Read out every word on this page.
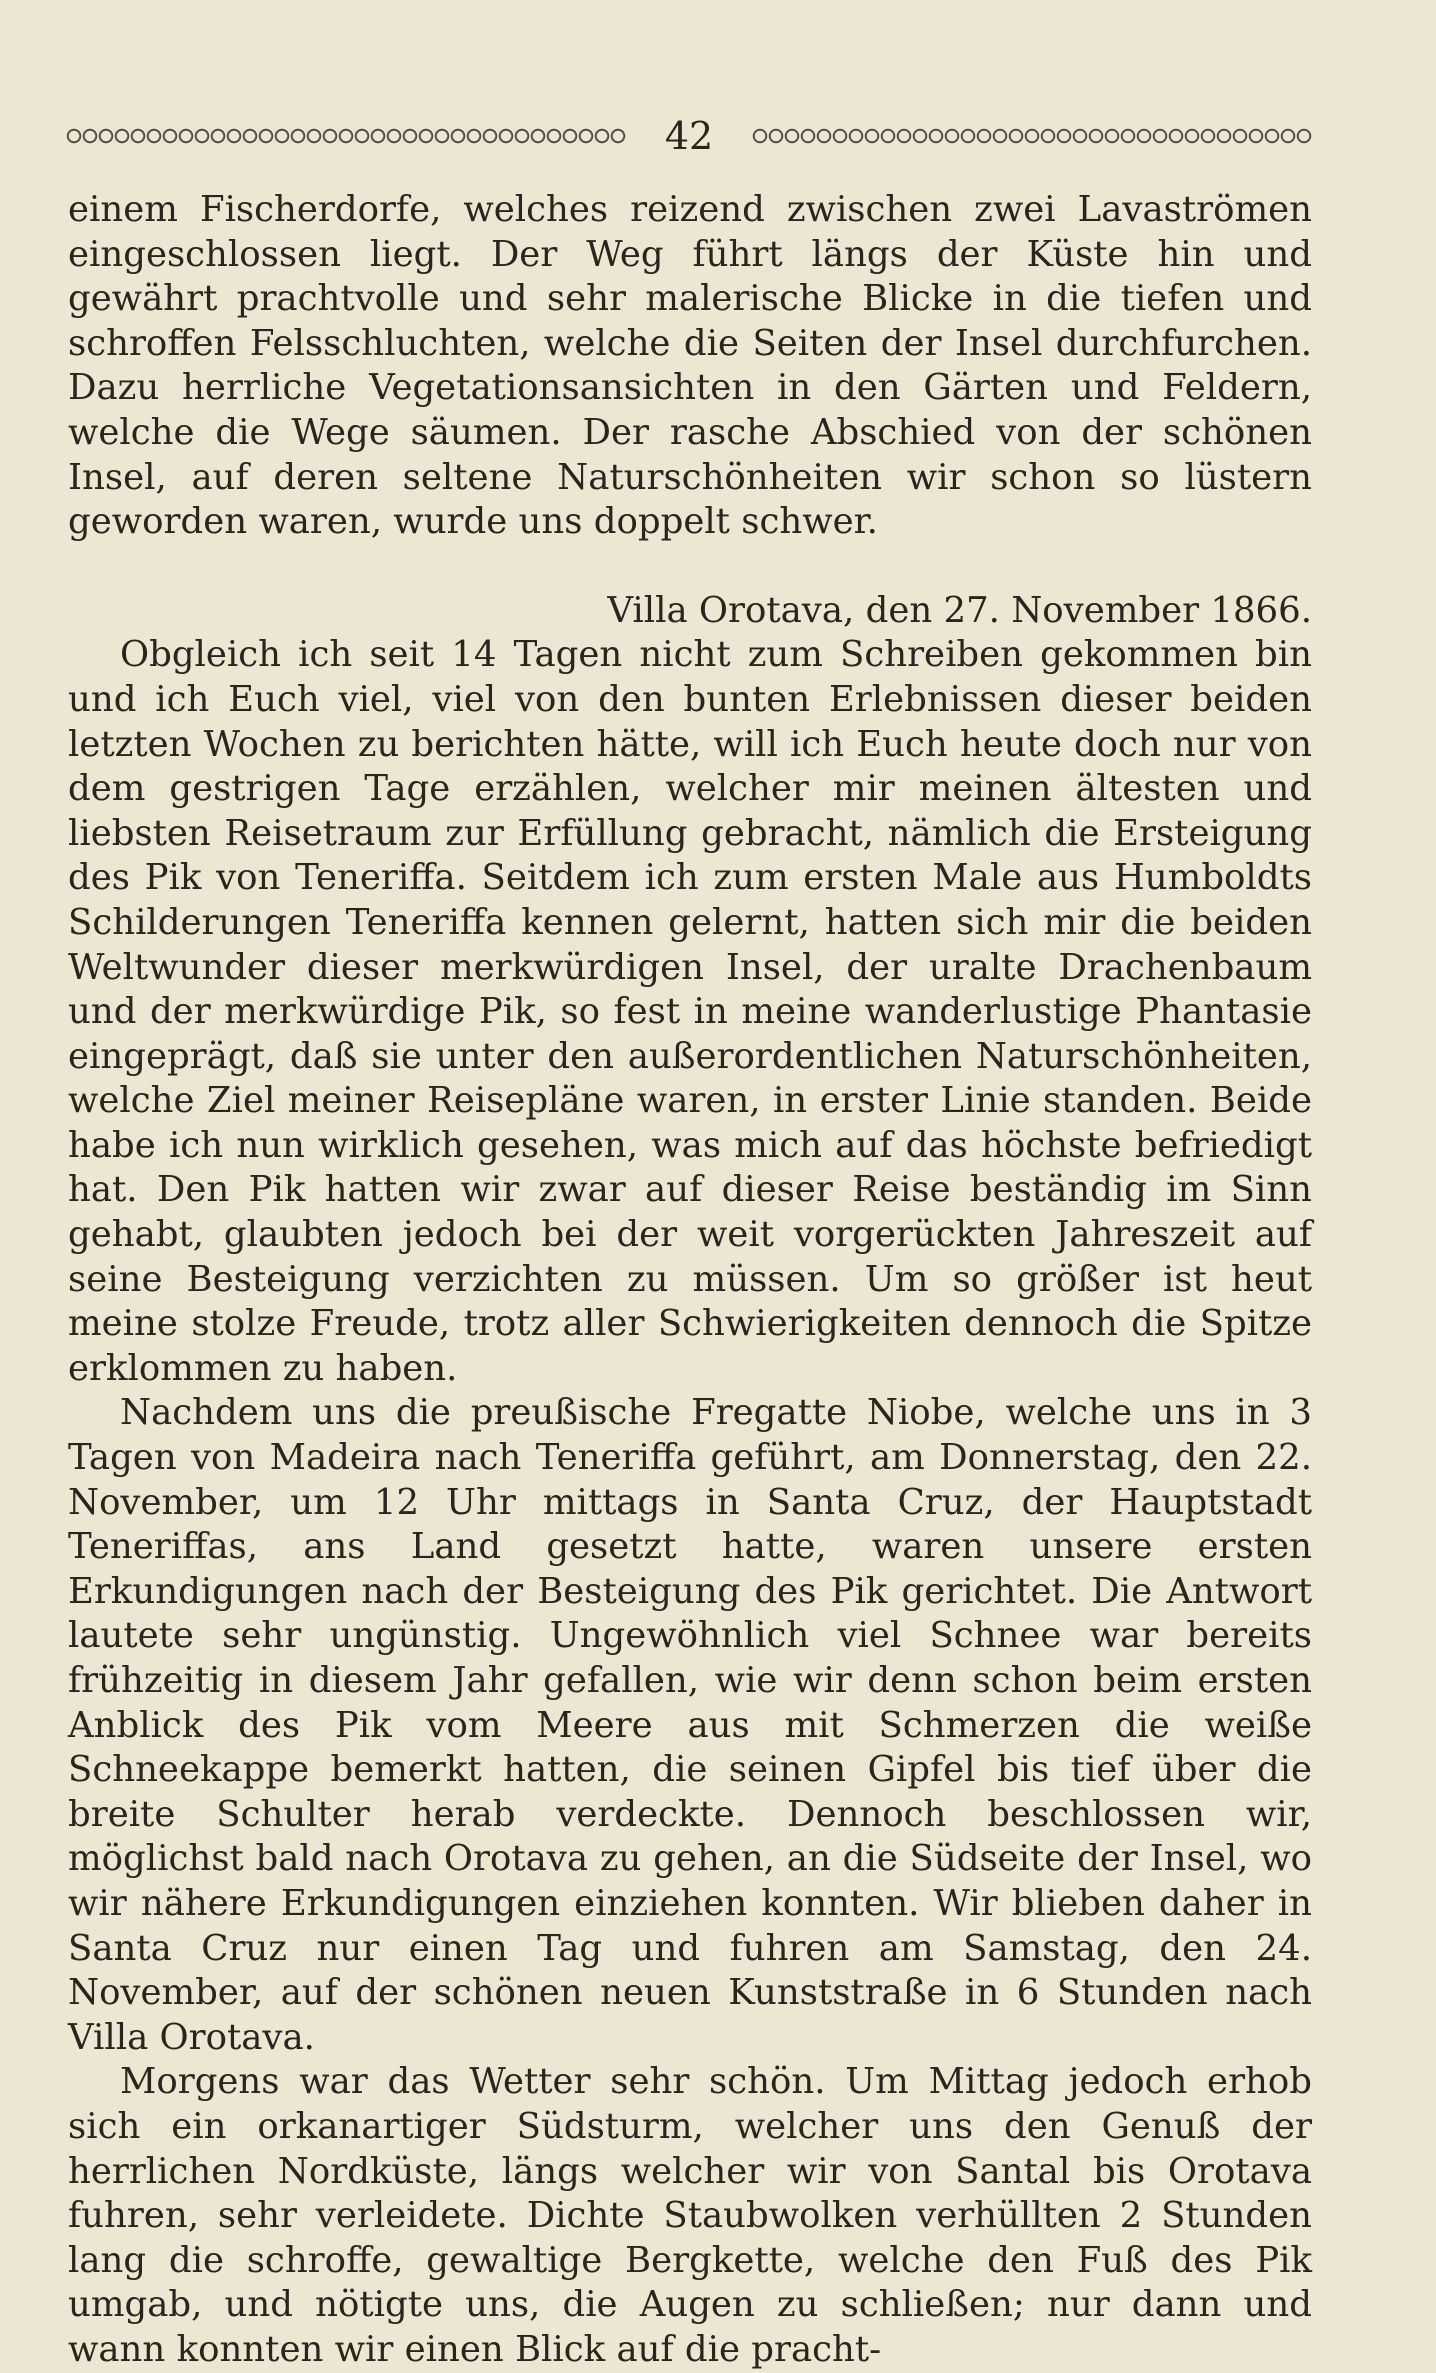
42

einem Fischerdorfe, welches reizend zwischen zwei Lavaströmen eingeschlossen liegt. Der Weg führt längs der Küste hin und gewährt prachtvolle und sehr malerische Blicke in die tiefen und schroffen Felsschluchten, welche die Seiten der Insel durchfurchen. Dazu herrliche Vegetationsansichten in den Gärten und Feldern, welche die Wege säumen. Der rasche Abschied von der schönen Insel, auf deren seltene Naturschönheiten wir schon so lüstern geworden waren, wurde uns doppelt schwer.

Villa Orotava, den 27. November 1866.

Obgleich ich seit 14 Tagen nicht zum Schreiben gekommen bin und ich Euch viel, viel von den bunten Erlebnissen dieser beiden letzten Wochen zu berichten hätte, will ich Euch heute doch nur von dem gestrigen Tage erzählen, welcher mir meinen ältesten und liebsten Reisetraum zur Erfüllung gebracht, nämlich die Ersteigung des Pik von Teneriffa. Seitdem ich zum ersten Male aus Humboldts Schilderungen Teneriffa kennen gelernt, hatten sich mir die beiden Weltwunder dieser merkwürdigen Insel, der uralte Drachenbaum und der merkwürdige Pik, so fest in meine wanderlustige Phantasie eingeprägt, daß sie unter den außerordentlichen Naturschönheiten, welche Ziel meiner Reisepläne waren, in erster Linie standen. Beide habe ich nun wirklich gesehen, was mich auf das höchste befriedigt hat. Den Pik hatten wir zwar auf dieser Reise beständig im Sinn gehabt, glaubten jedoch bei der weit vorgerückten Jahreszeit auf seine Besteigung verzichten zu müssen. Um so größer ist heut meine stolze Freude, trotz aller Schwierigkeiten dennoch die Spitze erklommen zu haben.

Nachdem uns die preußische Fregatte Niobe, welche uns in 3 Tagen von Madeira nach Teneriffa geführt, am Donnerstag, den 22. November, um 12 Uhr mittags in Santa Cruz, der Hauptstadt Teneriffas, ans Land gesetzt hatte, waren unsere ersten Erkundigungen nach der Besteigung des Pik gerichtet. Die Antwort lautete sehr ungünstig. Ungewöhnlich viel Schnee war bereits frühzeitig in diesem Jahr gefallen, wie wir denn schon beim ersten Anblick des Pik vom Meere aus mit Schmerzen die weiße Schneekappe bemerkt hatten, die seinen Gipfel bis tief über die breite Schulter herab verdeckte. Dennoch beschlossen wir, möglichst bald nach Orotava zu gehen, an die Südseite der Insel, wo wir nähere Erkundigungen einziehen konnten. Wir blieben daher in Santa Cruz nur einen Tag und fuhren am Samstag, den 24. November, auf der schönen neuen Kunststraße in 6 Stunden nach Villa Orotava.

Morgens war das Wetter sehr schön. Um Mittag jedoch erhob sich ein orkanartiger Südsturm, welcher uns den Genuß der herrlichen Nordküste, längs welcher wir von Santal bis Orotava fuhren, sehr verleidete. Dichte Staubwolken verhüllten 2 Stunden lang die schroffe, gewaltige Bergkette, welche den Fuß des Pik umgab, und nötigte uns, die Augen zu schließen; nur dann und wann konnten wir einen Blick auf die pracht-
